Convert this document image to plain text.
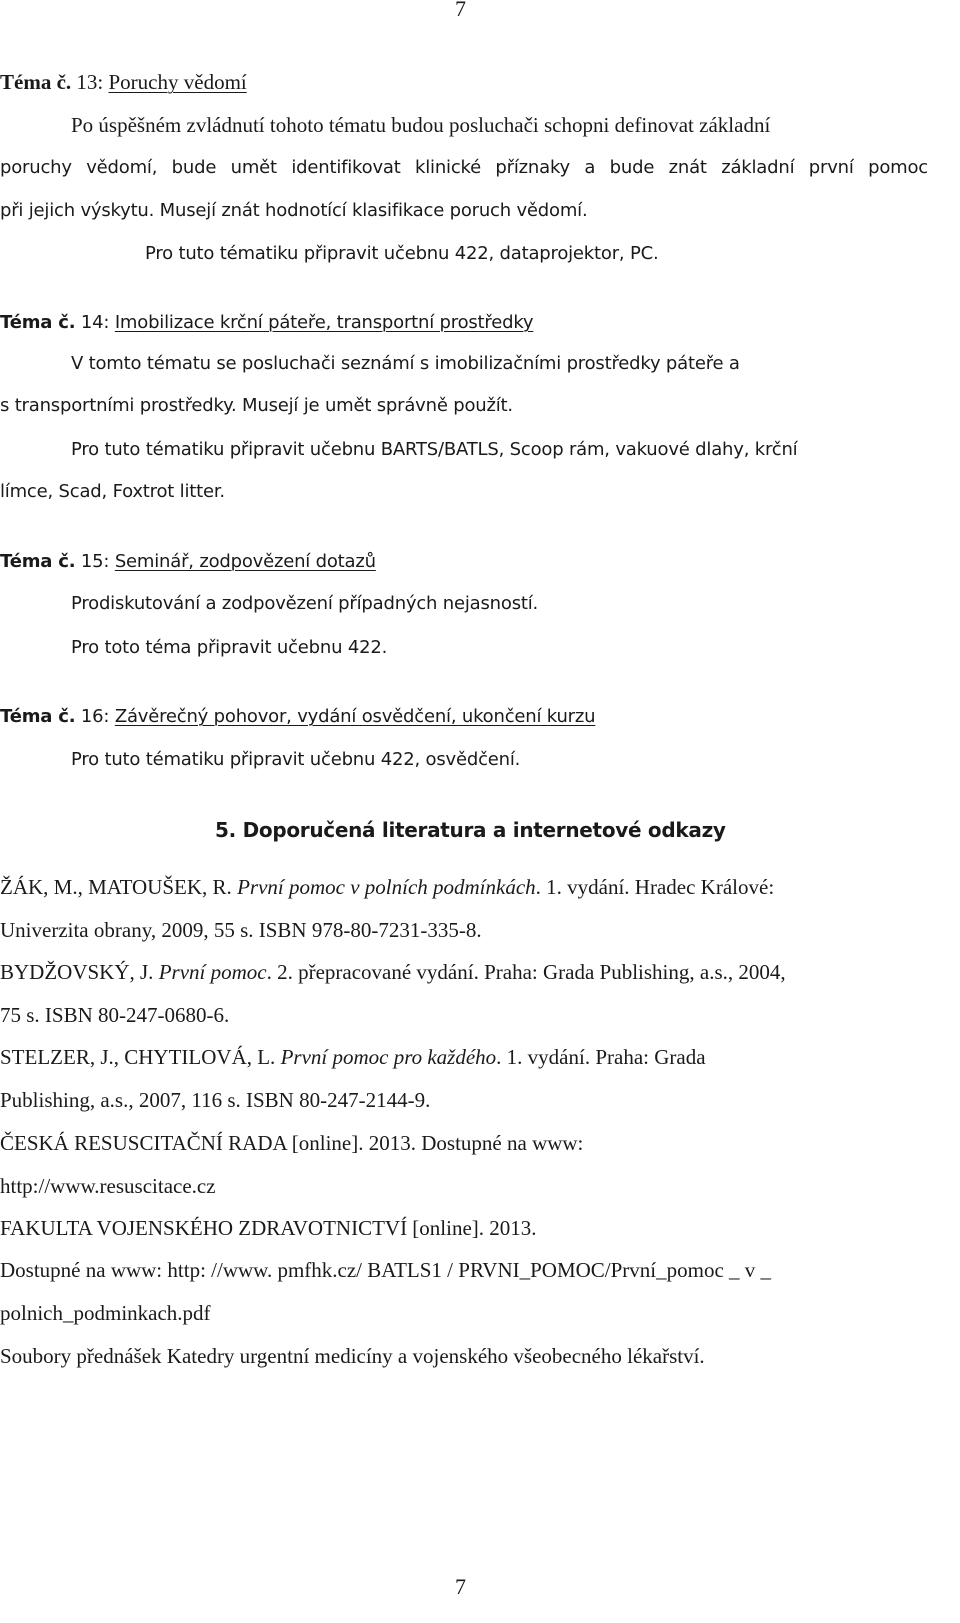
7
Téma č. 13: Poruchy vědomí
Po úspěšném zvládnutí tohoto tématu budou posluchači schopni definovat základní
poruchy vědomí, bude umět identifikovat klinické příznaky a bude znát základní první pomoc
při jejich výskytu. Musejí znát hodnotící klasifikace poruch vědomí.
Pro tuto tématiku připravit učebnu 422, dataprojektor, PC.
Téma č. 14: Imobilizace krční páteře, transportní prostředky
V tomto tématu se posluchači seznámí s imobilizačními prostředky páteře a
s transportními prostředky. Musejí je umět správně použít.
Pro tuto tématiku připravit učebnu BARTS/BATLS, Scoop rám, vakuové dlahy, krční
límce, Scad, Foxtrot litter.
Téma č. 15: Seminář, zodpovězení dotazů
Prodiskutování a zodpovězení případných nejasností.
Pro toto téma připravit učebnu 422.
Téma č. 16: Závěrečný pohovor, vydání osvědčení, ukončení kurzu
Pro tuto tématiku připravit učebnu 422, osvědčení.
5. Doporučená literatura a internetové odkazy
ŽÁK, M., MATOUŠEK, R. První pomoc v polních podmínkách. 1. vydání. Hradec Králové:
Univerzita obrany, 2009, 55 s. ISBN 978-80-7231-335-8.
BYDŽOVSKÝ, J. První pomoc. 2. přepracované vydání. Praha: Grada Publishing, a.s., 2004,
75 s. ISBN 80-247-0680-6.
STELZER, J., CHYTILOVÁ, L. První pomoc pro každého. 1. vydání. Praha: Grada
Publishing, a.s., 2007, 116 s. ISBN 80-247-2144-9.
ČESKÁ RESUSCITAČNÍ RADA [online]. 2013. Dostupné na www:
http://www.resuscitace.cz
FAKULTA VOJENSKÉHO ZDRAVOTNICTVÍ [online]. 2013.
Dostupné na www: http: //www. pmfhk.cz/ BATLS1 / PRVNI_POMOC/První_pomoc _ v _
polnich_podminkach.pdf
Soubory přednášek Katedry urgentní medicíny a vojenského všeobecného lékařství.
7
